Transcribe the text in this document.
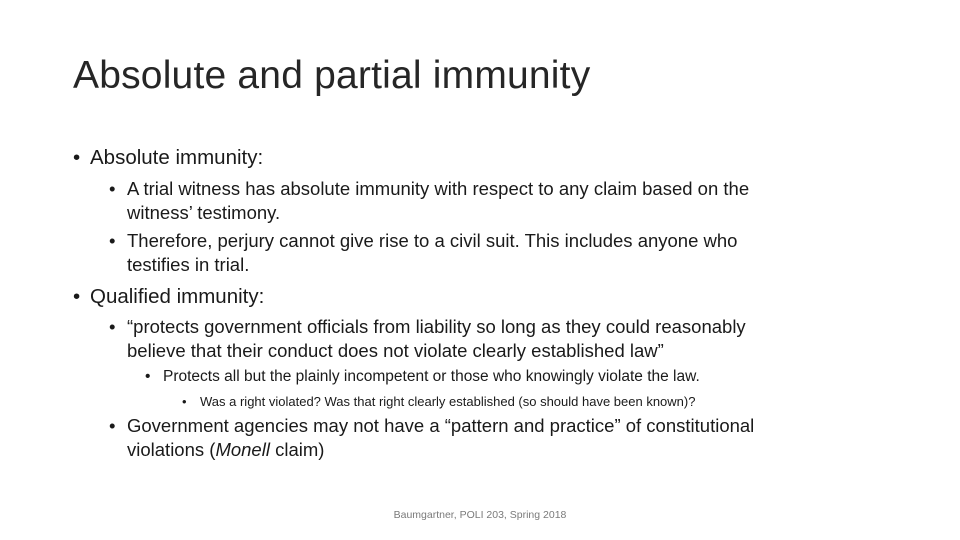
Absolute and partial immunity
• Absolute immunity:
• A trial witness has absolute immunity with respect to any claim based on the
witness’ testimony.
• Therefore, perjury cannot give rise to a civil suit. This includes anyone who
testifies in trial.
• Qualified immunity:
• “protects government officials from liability so long as they could reasonably
believe that their conduct does not violate clearly established law”
• Protects all but the plainly incompetent or those who knowingly violate the law.
• Was a right violated? Was that right clearly established (so should have been known)?
• Government agencies may not have a “pattern and practice” of constitutional
violations (Monell claim)
Baumgartner, POLI 203, Spring 2018
